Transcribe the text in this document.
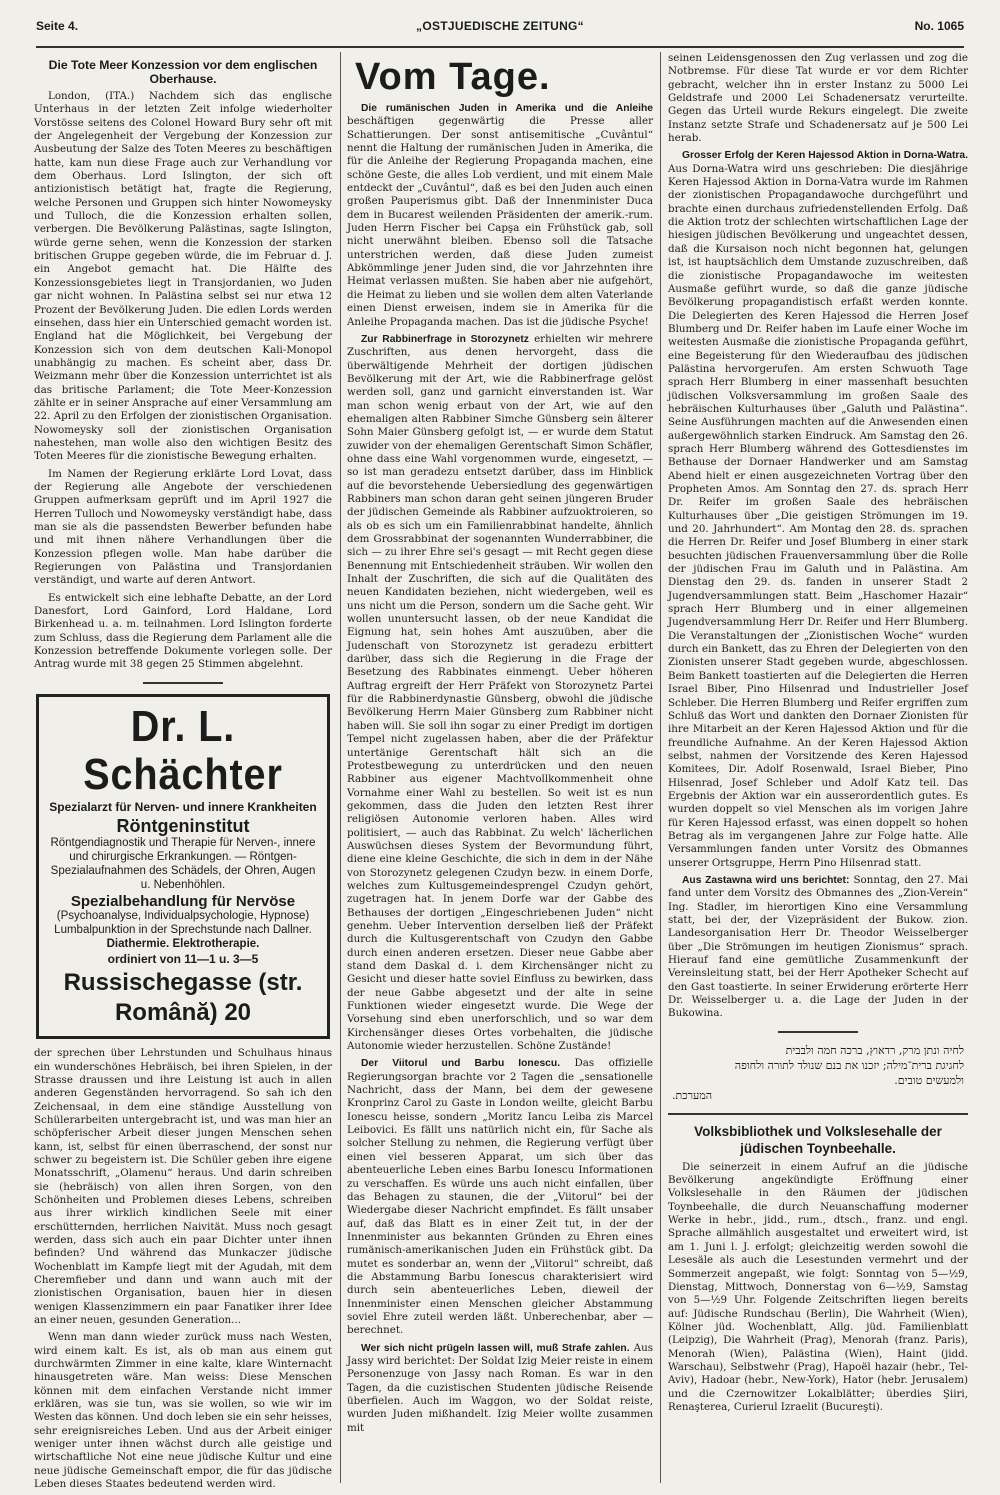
Seite 4.	„OSTJUEDISCHE ZEITUNG“	No. 1065
Die Tote Meer Konzession vor dem englischen Oberhause.

London, (ITA.) Nachdem sich das englische Unterhaus in der letzten Zeit infolge wiederholter Vorstösse seitens des Colonel Howard Bury sehr oft mit der Angelegenheit der Vergebung der Konzession zur Ausbeutung der Salze des Toten Meeres zu beschäftigen hatte, kam nun diese Frage auch zur Verhandlung vor dem Oberhaus. Lord Islington, der sich oft antizionistisch betätigt hat, fragte die Regierung, welche Personen und Gruppen sich hinter Nowomeysky und Tulloch, die die Konzession erhalten sollen, verbergen. Die Bevölkerung Palästinas, sagte Islington, würde gerne sehen, wenn die Konzession der starken britischen Gruppe gegeben würde, die im Februar d. J. ein Angebot gemacht hat. Die Hälfte des Konzessionsgebietes liegt in Transjordanien, wo Juden gar nicht wohnen. In Palästina selbst sei nur etwa 12 Prozent der Bevölkerung Juden. Die edlen Lords werden einsehen, dass hier ein Unterschied gemacht worden ist. England hat die Möglichkeit, bei Vergebung der Konzession sich von dem deutschen Kali-Monopol unabhängig zu machen. Es scheint aber, dass Dr. Weizmann mehr über die Konzession unterrichtet ist als das britische Parlament; die Tote Meer-Konzession zählte er in seiner Ansprache auf einer Versammlung am 22. April zu den Erfolgen der zionistischen Organisation. Nowomeysky soll der zionistischen Organisation nahestehen, man wolle also den wichtigen Besitz des Toten Meeres für die zionistische Bewegung erhalten.

Im Namen der Regierung erklärte Lord Lovat, dass der Regierung alle Angebote der verschiedenen Gruppen aufmerksam geprüft und im April 1927 die Herren Tulloch und Nowomeysky verständigt habe, dass man sie als die passendsten Bewerber befunden habe und mit ihnen nähere Verhandlungen über die Konzession pflegen wolle. Man habe darüber die Regierungen von Palästina und Transjordanien verständigt, und warte auf deren Antwort.

Es entwickelt sich eine lebhafte Debatte, an der Lord Danesfort, Lord Gainford, Lord Haldane, Lord Birkenhead u. a. m. teilnahmen. Lord Islington forderte zum Schluss, dass die Regierung dem Parlament alle die Konzession betreffende Dokumente vorlegen solle. Der Antrag wurde mit 38 gegen 25 Stimmen abgelehnt.

Dr. L. Schächter
Spezialarzt für Nerven- und innere Krankheiten
Röntgeninstitut
Röntgendiagnostik und Therapie für Nerven-, innere und chirurgische Erkrankungen. — Röntgen-Spezialaufnahmen des Schädels, der Ohren, Augen u. Nebenhöhlen.
Spezialbehandlung für Nervöse
(Psychoanalyse, Individualpsychologie, Hypnose)
Lumbalpunktion in der Sprechstunde nach Dallner.
Diathermie. Elektrotherapie.
ordiniert von 11—1 u. 3—5
Russischegasse (str. Română) 20

der sprechen über Lehrstunden und Schulhaus hinaus ein wunderschönes Hebräisch, bei ihren Spielen, in der Strasse draussen und ihre Leistung ist auch in allen anderen Gegenständen hervorragend. So sah ich den Zeichensaal, in dem eine ständige Ausstellung von Schülerarbeiten untergebracht ist, und was man hier an schöpferischer Arbeit dieser jungen Menschen sehen kann, ist, selbst für einen überraschend, der sonst nur schwer zu begeistern ist. Die Schüler geben ihre eigene Monatsschrift, „Olamenu“ heraus. Und darin schreiben sie (hebräisch) von allen ihren Sorgen, von den Schönheiten und Problemen dieses Lebens, schreiben aus ihrer wirklich kindlichen Seele mit einer erschütternden, herrlichen Naivität. Muss noch gesagt werden, dass sich auch ein paar Dichter unter ihnen befinden? Und während das Munkaczer jüdische Wochenblatt im Kampfe liegt mit der Agudah, mit dem Cheremfieber und dann und wann auch mit der zionistischen Organisation, bauen hier in diesen wenigen Klassenzimmern ein paar Fanatiker ihrer Idee an einer neuen, gesunden Generation...

Wenn man dann wieder zurück muss nach Westen, wird einem kalt. Es ist, als ob man aus einem gut durchwärmten Zimmer in eine kalte, klare Winternacht hinausgetreten wäre. Man weiss: Diese Menschen können mit dem einfachen Verstande nicht immer erklären, was sie tun, was sie wollen, so wie wir im Westen das können. Und doch leben sie ein sehr heisses, sehr ereignisreiches Leben. Und aus der Arbeit einiger weniger unter ihnen wächst durch alle geistige und wirtschaftliche Not eine neue jüdische Kultur und eine neue jüdische Gemeinschaft empor, die für das jüdische Leben dieses Staates bedeutend werden wird.

Vom Tage.

Die rumänischen Juden in Amerika und die Anleihe beschäftigen gegenwärtig die Presse aller Schattierungen. Der sonst antisemitische „Cuvântul“ nennt die Haltung der rumänischen Juden in Amerika, die für die Anleihe der Regierung Propaganda machen, eine schöne Geste, die alles Lob verdient, und mit einem Male entdeckt der „Cuvântul“, daß es bei den Juden auch einen großen Pauperismus gibt. Daß der Innenminister Duca dem in Bucarest weilenden Präsidenten der amerik.-rum. Juden Herrn Fischer bei Capşa ein Frühstück gab, soll nicht unerwähnt bleiben. Ebenso soll die Tatsache unterstrichen werden, daß diese Juden zumeist Abkömmlinge jener Juden sind, die vor Jahrzehnten ihre Heimat verlassen mußten. Sie haben aber nie aufgehört, die Heimat zu lieben und sie wollen dem alten Vaterlande einen Dienst erweisen, indem sie in Amerika für die Anleihe Propaganda machen. Das ist die jüdische Psyche!

Zur Rabbinerfrage in Storozynetz erhielten wir mehrere Zuschriften, aus denen hervorgeht, dass die überwältigende Mehrheit der dortigen jüdischen Bevölkerung mit der Art, wie die Rabbinerfrage gelöst werden soll, ganz und garnicht einverstanden ist. War man schon wenig erbaut von der Art, wie auf den ehemaligen alten Rabbiner Simche Günsberg sein älterer Sohn Maier Günsberg gefolgt ist, — er wurde dem Statut zuwider von der ehemaligen Gerentschaft Simon Schäfler, ohne dass eine Wahl vorgenommen wurde, eingesetzt, — so ist man geradezu entsetzt darüber, dass im Hinblick auf die bevorstehende Uebersiedlung des gegenwärtigen Rabbiners man schon daran geht seinen jüngeren Bruder der jüdischen Gemeinde als Rabbiner aufzuoktroieren, so als ob es sich um ein Familienrabbinat handelte, ähnlich dem Grossrabbinat der sogenannten Wunderrabbiner, die sich — zu ihrer Ehre sei's gesagt — mit Recht gegen diese Benennung mit Entschiedenheit sträuben. Wir wollen den Inhalt der Zuschriften, die sich auf die Qualitäten des neuen Kandidaten beziehen, nicht wiedergeben, weil es uns nicht um die Person, sondern um die Sache geht. Wir wollen ununtersucht lassen, ob der neue Kandidat die Eignung hat, sein hohes Amt auszuüben, aber die Judenschaft von Storozynetz ist geradezu erbittert darüber, dass sich die Regierung in die Frage der Besetzung des Rabbinates einmengt. Ueber höheren Auftrag ergreift der Herr Präfekt von Storozynetz Partei für die Rabbinerdynastie Günsberg, obwohl die jüdische Bevölkerung Herrn Maier Günsberg zum Rabbiner nicht haben will. Sie soll ihn sogar zu einer Predigt im dortigen Tempel nicht zugelassen haben, aber die der Präfektur untertänige Gerentschaft hält sich an die Protestbewegung zu unterdrücken und den neuen Rabbiner aus eigener Machtvollkommenheit ohne Vornahme einer Wahl zu bestellen. So weit ist es nun gekommen, dass die Juden den letzten Rest ihrer religiösen Autonomie verloren haben. Alles wird politisiert, — auch das Rabbinat. Zu welch' lächerlichen Auswüchsen dieses System der Bevormundung führt, diene eine kleine Geschichte, die sich in dem in der Nähe von Storozynetz gelegenen Czudyn bezw. in einem Dorfe, welches zum Kultusgemeindesprengel Czudyn gehört, zugetragen hat. In jenem Dorfe war der Gabbe des Bethauses der dortigen „Eingeschriebenen Juden“ nicht genehm. Ueber Intervention derselben ließ der Präfekt durch die Kultusgerentschaft von Czudyn den Gabbe durch einen anderen ersetzen. Dieser neue Gabbe aber stand dem Daskal d. i. dem Kirchensänger nicht zu Gesicht und dieser hatte soviel Einfluss zu bewirken, dass der neue Gabbe abgesetzt und der alte in seine Funktionen wieder eingesetzt wurde. Die Wege der Vorsehung sind eben unerforschlich, und so war dem Kirchensänger dieses Ortes vorbehalten, die jüdische Autonomie wieder herzustellen. Schöne Zustände!

Der Viitorul und Barbu Ionescu. Das offizielle Regierungsorgan brachte vor 2 Tagen die „sensationelle Nachricht, dass der Mann, bei dem der gewesene Kronprinz Carol zu Gaste in London weilte, gleicht Barbu Ionescu heisse, sondern „Moritz Iancu Leiba zis Marcel Leibovici. Es fällt uns natürlich nicht ein, für Sache als solcher Stellung zu nehmen, die Regierung verfügt über einen viel besseren Apparat, um sich über das abenteuerliche Leben eines Barbu Ionescu Informationen zu verschaffen. Es würde uns auch nicht einfallen, über das Behagen zu staunen, die der „Viitorul“ bei der Wiedergabe dieser Nachricht empfindet. Es fällt unsaber auf, daß das Blatt es in einer Zeit tut, in der der Innenminister aus bekannten Gründen zu Ehren eines rumänisch-amerikanischen Juden ein Frühstück gibt. Da mutet es sonderbar an, wenn der „Viitorul“ schreibt, daß die Abstammung Barbu Ionescus charakterisiert wird durch sein abenteuerliches Leben, dieweil der Innenminister einen Menschen gleicher Abstammung soviel Ehre zuteil werden läßt. Unberechenbar, aber — berechnet.

Wer sich nicht prügeln lassen will, muß Strafe zahlen. Aus Jassy wird berichtet: Der Soldat Izig Meier reiste in einem Personenzuge von Jassy nach Roman. Es war in den Tagen, da die cuzistischen Studenten jüdische Reisende überfielen. Auch im Waggon, wo der Soldat reiste, wurden Juden mißhandelt. Izig Meier wollte zusammen mit

seinen Leidensgenossen den Zug verlassen und zog die Notbremse. Für diese Tat wurde er vor dem Richter gebracht, welcher ihn in erster Instanz zu 5000 Lei Geldstrafe und 2000 Lei Schadenersatz verurteilte. Gegen das Urteil wurde Rekurs eingelegt. Die zweite Instanz setzte Strafe und Schadenersatz auf je 500 Lei herab.

Grosser Erfolg der Keren Hajessod Aktion in Dorna-Watra. Aus Dorna-Watra wird uns geschrieben: Die diesjährige Keren Hajessod Aktion in Dorna-Vatra wurde im Rahmen der zionistischen Propagandawoche durchgeführt und brachte einen durchaus zufriedenstellenden Erfolg. Daß die Aktion trotz der schlechten wirtschaftlichen Lage der hiesigen jüdischen Bevölkerung und ungeachtet dessen, daß die Kursaison noch nicht begonnen hat, gelungen ist, ist hauptsächlich dem Umstande zuzuschreiben, daß die zionistische Propagandawoche im weitesten Ausmaße geführt wurde, so daß die ganze jüdische Bevölkerung propagandistisch erfaßt werden konnte. Die Delegierten des Keren Hajessod die Herren Josef Blumberg und Dr. Reifer haben im Laufe einer Woche im weitesten Ausmaße die zionistische Propaganda geführt, eine Begeisterung für den Wiederaufbau des jüdischen Palästina hervorgerufen. Am ersten Schwuoth Tage sprach Herr Blumberg in einer massenhaft besuchten jüdischen Volksversammlung im großen Saale des hebräischen Kulturhauses über „Galuth und Palästina“. Seine Ausführungen machten auf die Anwesenden einen außergewöhnlich starken Eindruck. Am Samstag den 26. sprach Herr Blumberg während des Gottesdienstes im Bethause der Dornaer Handwerker und am Samstag Abend hielt er einen ausgezeichneten Vortrag über den Propheten Amos. Am Sonntag den 27. ds. sprach Herr Dr. Reifer im großen Saale des hebräischen Kulturhauses über „Die geistigen Strömungen im 19. und 20. Jahrhundert“. Am Montag den 28. ds. sprachen die Herren Dr. Reifer und Josef Blumberg in einer stark besuchten jüdischen Frauenversammlung über die Rolle der jüdischen Frau im Galuth und in Palästina. Am Dienstag den 29. ds. fanden in unserer Stadt 2 Jugendversammlungen statt. Beim „Haschomer Hazair“ sprach Herr Blumberg und in einer allgemeinen Jugendversammlung Herr Dr. Reifer und Herr Blumberg. Die Veranstaltungen der „Zionistischen Woche“ wurden durch ein Bankett, das zu Ehren der Delegierten von den Zionisten unserer Stadt gegeben wurde, abgeschlossen. Beim Bankett toastierten auf die Delegierten die Herren Israel Biber, Pino Hilsenrad und Industrieller Josef Schleber. Die Herren Blumberg und Reifer ergriffen zum Schluß das Wort und dankten den Dornaer Zionisten für ihre Mitarbeit an der Keren Hajessod Aktion und für die freundliche Aufnahme. An der Keren Hajessod Aktion selbst, nahmen der Vorsitzende des Keren Hajessod Komitees, Dir. Adolf Rosenwald, Israel Bieber, Pino Hilsenrad, Josef Schleber und Adolf Katz teil. Das Ergebnis der Aktion war ein ausserordentlich gutes. Es wurden doppelt so viel Menschen als im vorigen Jahre für Keren Hajessod erfasst, was einen doppelt so hohen Betrag als im vergangenen Jahre zur Folge hatte. Alle Versammlungen fanden unter Vorsitz des Obmannes unserer Ortsgruppe, Herrn Pino Hilsenrad statt.

Aus Zastawna wird uns berichtet: Sonntag, den 27. Mai fand unter dem Vorsitz des Obmannes des „Zion-Verein“ Ing. Stadler, im hierortigen Kino eine Versammlung statt, bei der, der Vizepräsident der Bukow. zion. Landesorganisation Herr Dr. Theodor Weisselberger über „Die Strömungen im heutigen Zionismus“ sprach. Hierauf fand eine gemütliche Zusammenkunft der Vereinsleitung statt, bei der Herr Apotheker Schecht auf den Gast toastierte. In seiner Erwiderung erörterte Herr Dr. Weisselberger u. a. die Lage der Juden in der Bukowina.

לחיה ונתן מרק, רדאוץ, ברכה חמה ולבבית
לחגיגת ברית־מילה; יזכנו את בנם שנולד לתורה ולחופה
ולמעשים טובים.
המערכת.
Volksbibliothek und Volkslesehalle der jüdischen Toynbeehalle.

Die seinerzeit in einem Aufruf an die jüdische Bevölkerung angekündigte Eröffnung einer Volkslesehalle in den Räumen der jüdischen Toynbeehalle, die durch Neuanschaffung moderner Werke in hebr., jidd., rum., dtsch., franz. und engl. Sprache allmählich ausgestaltet und erweitert wird, ist am 1. Juni l. J. erfolgt; gleichzeitig werden sowohl die Lesesäle als auch die Lesestunden vermehrt und der Sommerzeit angepaßt, wie folgt: Sonntag von 5—½9, Dienstag, Mittwoch, Donnerstag von 6—½9, Samstag von 5—½9 Uhr. Folgende Zeitschriften liegen bereits auf: Jüdische Rundschau (Berlin), Die Wahrheit (Wien), Kölner jüd. Wochenblatt, Allg. jüd. Familienblatt (Leipzig), Die Wahrheit (Prag), Menorah (franz. Paris), Menorah (Wien), Palästina (Wien), Haint (jidd. Warschau), Selbstwehr (Prag), Hapoël hazair (hebr., Tel-Aviv), Hadoar (hebr., New-York), Hator (hebr. Jerusalem) und die Czernowitzer Lokalblätter; überdies Şiiri, Renaşterea, Curierul Izraelit (Bucureşti).
